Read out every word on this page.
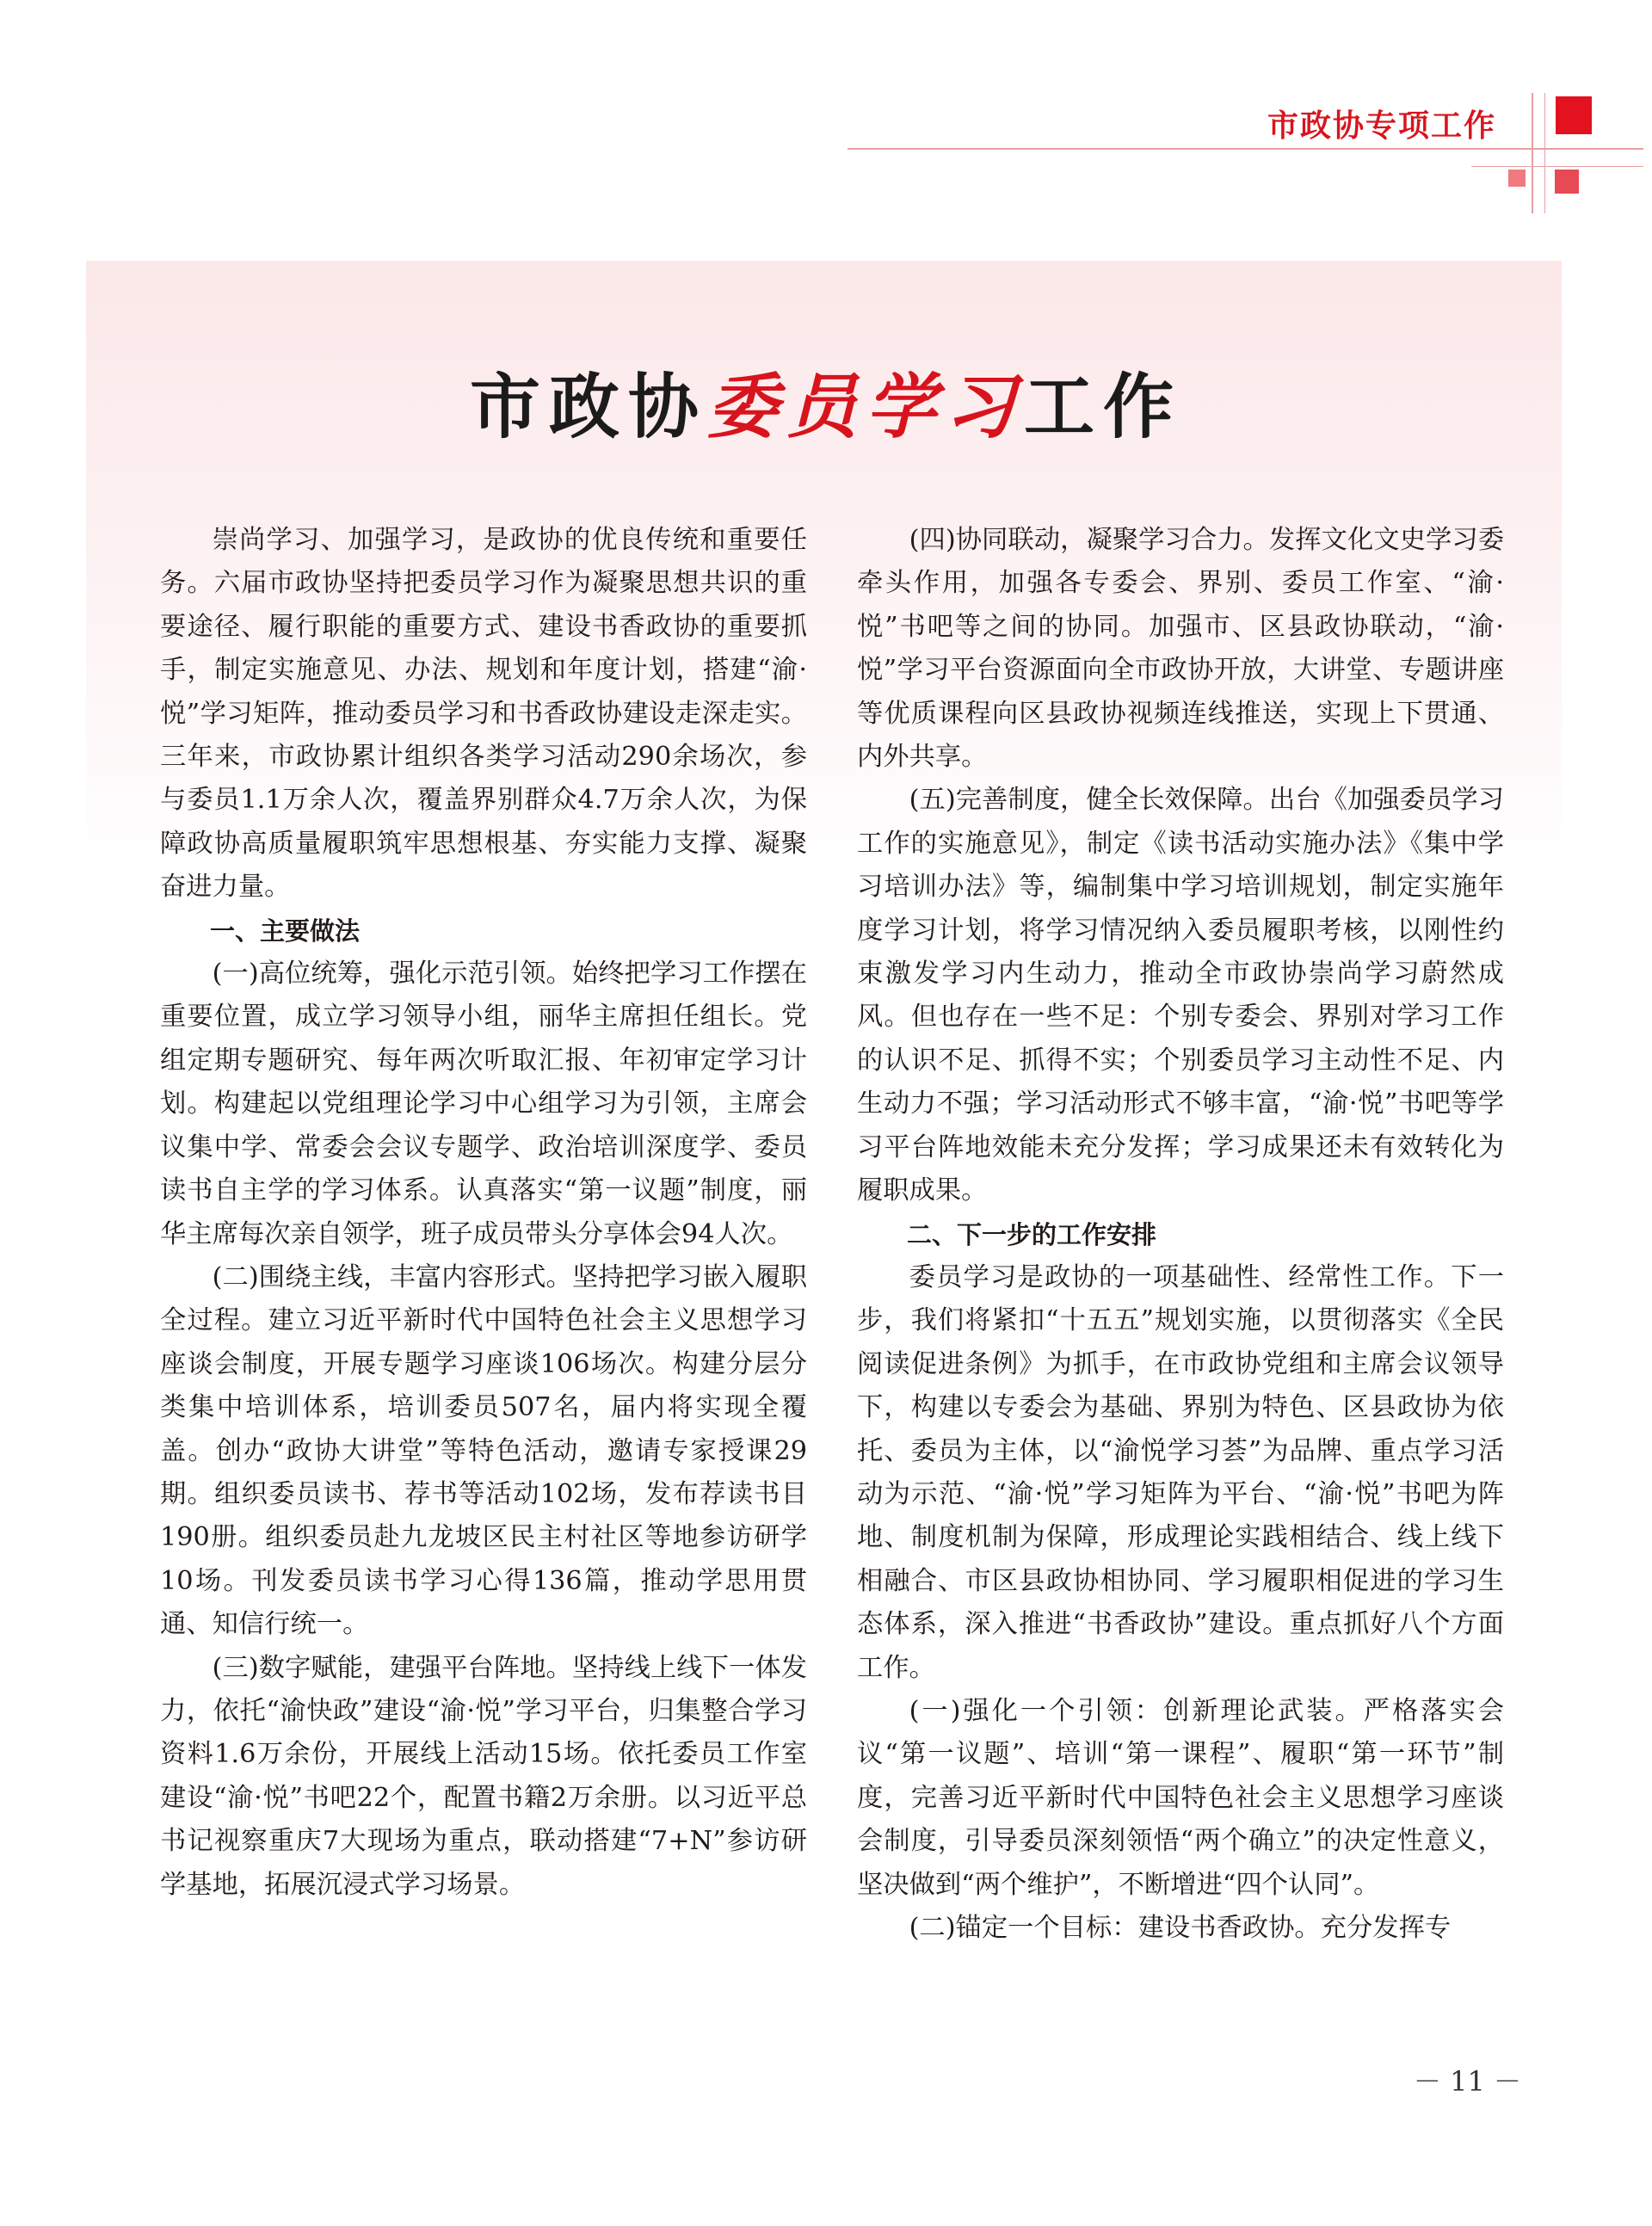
市政协专项工作
市政协委员学习工作

崇尚学习、加强学习，是政协的优良传统和重要任务。六届市政协坚持把委员学习作为凝聚思想共识的重要途径、履行职能的重要方式、建设书香政协的重要抓手，制定实施意见、办法、规划和年度计划，搭建“渝·悦”学习矩阵，推动委员学习和书香政协建设走深走实。三年来，市政协累计组织各类学习活动290余场次，参与委员1.1万余人次，覆盖界别群众4.7万余人次，为保障政协高质量履职筑牢思想根基、夯实能力支撑、凝聚奋进力量。

一、主要做法

(一)高位统筹，强化示范引领。始终把学习工作摆在重要位置，成立学习领导小组，丽华主席担任组长。党组定期专题研究、每年两次听取汇报、年初审定学习计划。构建起以党组理论学习中心组学习为引领，主席会议集中学、常委会会议专题学、政治培训深度学、委员读书自主学的学习体系。认真落实“第一议题”制度，丽华主席每次亲自领学，班子成员带头分享体会94人次。

(二)围绕主线，丰富内容形式。坚持把学习嵌入履职全过程。建立习近平新时代中国特色社会主义思想学习座谈会制度，开展专题学习座谈106场次。构建分层分类集中培训体系，培训委员507名，届内将实现全覆盖。创办“政协大讲堂”等特色活动，邀请专家授课29期。组织委员读书、荐书等活动102场，发布荐读书目190册。组织委员赴九龙坡区民主村社区等地参访研学10场。刊发委员读书学习心得136篇，推动学思用贯通、知信行统一。

(三)数字赋能，建强平台阵地。坚持线上线下一体发力，依托“渝快政”建设“渝·悦”学习平台，归集整合学习资料1.6万余份，开展线上活动15场。依托委员工作室建设“渝·悦”书吧22个，配置书籍2万余册。以习近平总书记视察重庆7大现场为重点，联动搭建“7+N”参访研学基地，拓展沉浸式学习场景。

(四)协同联动，凝聚学习合力。发挥文化文史学习委牵头作用，加强各专委会、界别、委员工作室、“渝·悦”书吧等之间的协同。加强市、区县政协联动，“渝·悦”学习平台资源面向全市政协开放，大讲堂、专题讲座等优质课程向区县政协视频连线推送，实现上下贯通、内外共享。

(五)完善制度，健全长效保障。出台《加强委员学习工作的实施意见》，制定《读书活动实施办法》《集中学习培训办法》等，编制集中学习培训规划，制定实施年度学习计划，将学习情况纳入委员履职考核，以刚性约束激发学习内生动力，推动全市政协崇尚学习蔚然成风。但也存在一些不足：个别专委会、界别对学习工作的认识不足、抓得不实；个别委员学习主动性不足、内生动力不强；学习活动形式不够丰富，“渝·悦”书吧等学习平台阵地效能未充分发挥；学习成果还未有效转化为履职成果。

二、下一步的工作安排

委员学习是政协的一项基础性、经常性工作。下一步，我们将紧扣“十五五”规划实施，以贯彻落实《全民阅读促进条例》为抓手，在市政协党组和主席会议领导下，构建以专委会为基础、界别为特色、区县政协为依托、委员为主体，以“渝悦学习荟”为品牌、重点学习活动为示范、“渝·悦”学习矩阵为平台、“渝·悦”书吧为阵地、制度机制为保障，形成理论实践相结合、线上线下相融合、市区县政协相协同、学习履职相促进的学习生态体系，深入推进“书香政协”建设。重点抓好八个方面工作。

(一)强化一个引领：创新理论武装。严格落实会议“第一议题”、培训“第一课程”、履职“第一环节”制度，完善习近平新时代中国特色社会主义思想学习座谈会制度，引导委员深刻领悟“两个确立”的决定性意义，坚决做到“两个维护”，不断增进“四个认同”。

(二)锚定一个目标：建设书香政协。充分发挥专

－ 11 －
